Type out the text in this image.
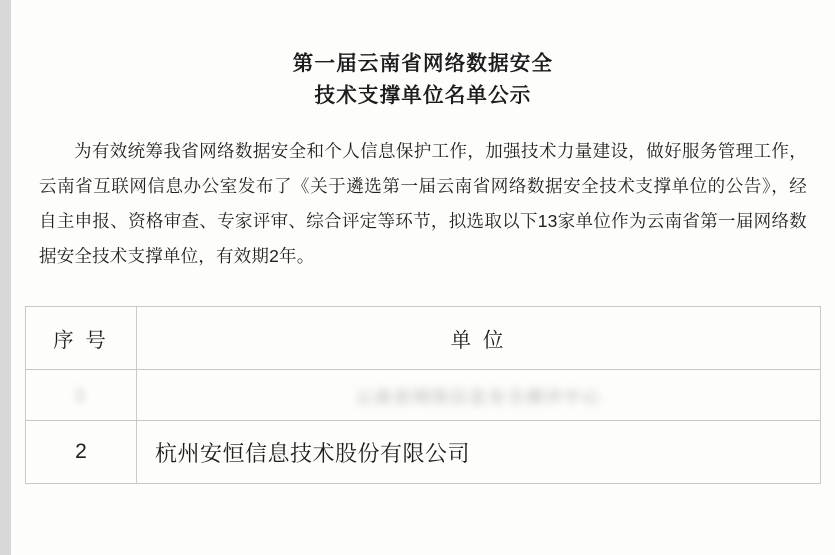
第一届云南省网络数据安全
技术支撑单位名单公示

为有效统筹我省网络数据安全和个人信息保护工作，加强技术力量建设，做好服务管理工作，云南省互联网信息办公室发布了《关于遴选第一届云南省网络数据安全技术支撑单位的公告》，经自主申报、资格审查、专家评审、综合评定等环节，拟选取以下13家单位作为云南省第一届网络数据安全技术支撑单位，有效期2年。

序 号	单 位
1	云南省网络信息安全测评中心
2	杭州安恒信息技术股份有限公司
